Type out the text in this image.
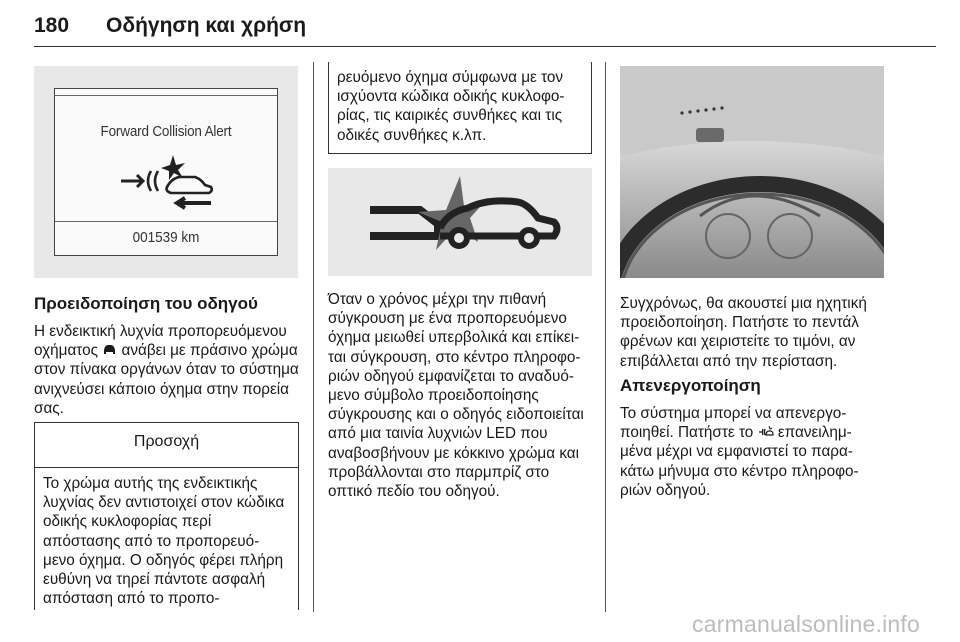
180 Οδήγηση και χρήση
Forward Collision Alert
001539 km
Προειδοποίηση του οδηγού
Η ενδεικτική λυχνία προπορευόμενου οχήματος ανάβει με πράσινο χρώμα στον πίνακα οργάνων όταν το σύστημα ανιχνεύσει κάποιο όχημα στην πορεία σας.
Προσοχή
Το χρώμα αυτής της ενδεικτικής λυχνίας δεν αντιστοιχεί στον κώδικα οδικής κυκλοφορίας περί απόστασης από το προπορευό- μενο όχημα. Ο οδηγός φέρει πλήρη ευθύνη να τηρεί πάντοτε ασφαλή απόσταση από το προπο-
ρευόμενο όχημα σύμφωνα με τον ισχύοντα κώδικα οδικής κυκλοφο- ρίας, τις καιρικές συνθήκες και τις οδικές συνθήκες κ.λπ.
Όταν ο χρόνος μέχρι την πιθανή σύγκρουση με ένα προπορευόμενο όχημα μειωθεί υπερβολικά και επίκει- ται σύγκρουση, στο κέντρο πληροφο- ριών οδηγού εμφανίζεται το αναδυό- μενο σύμβολο προειδοποίησης σύγκρουσης και ο οδηγός ειδοποιείται από μια ταινία λυχνιών LED που αναβοσβήνουν με κόκκινο χρώμα και προβάλλονται στο παρμπρίζ στο οπτικό πεδίο του οδηγού.
Συγχρόνως, θα ακουστεί μια ηχητική προειδοποίηση. Πατήστε το πεντάλ φρένων και χειριστείτε το τιμόνι, αν επιβάλλεται από την περίσταση.
Απενεργοποίηση
Το σύστημα μπορεί να απενεργο- ποιηθεί. Πατήστε το επανειλημ- μένα μέχρι να εμφανιστεί το παρα- κάτω μήνυμα στο κέντρο πληροφο- ριών οδηγού.
carmanualsonline.info
